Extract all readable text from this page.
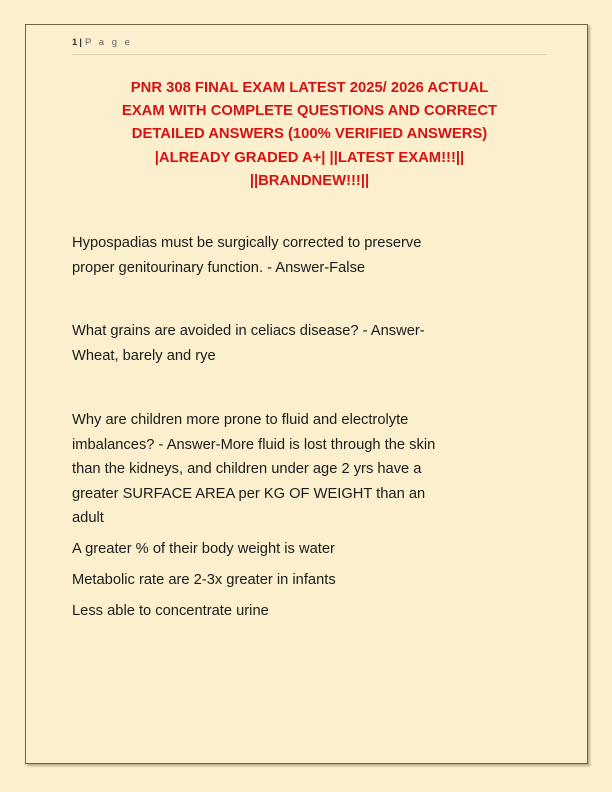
1 | P a g e
PNR 308 FINAL EXAM LATEST 2025/ 2026 ACTUAL
EXAM WITH COMPLETE QUESTIONS AND CORRECT
DETAILED ANSWERS (100% VERIFIED ANSWERS)
|ALREADY GRADED A+| ||LATEST EXAM!!!||
||BRANDNEW!!!||
Hypospadias must be surgically corrected to preserve
proper genitourinary function. - Answer-False
What grains are avoided in celiacs disease? - Answer-
Wheat, barely and rye
Why are children more prone to fluid and electrolyte
imbalances? - Answer-More fluid is lost through the skin
than the kidneys, and children under age 2 yrs have a
greater SURFACE AREA per KG OF WEIGHT than an
adult
A greater % of their body weight is water
Metabolic rate are 2-3x greater in infants
Less able to concentrate urine
